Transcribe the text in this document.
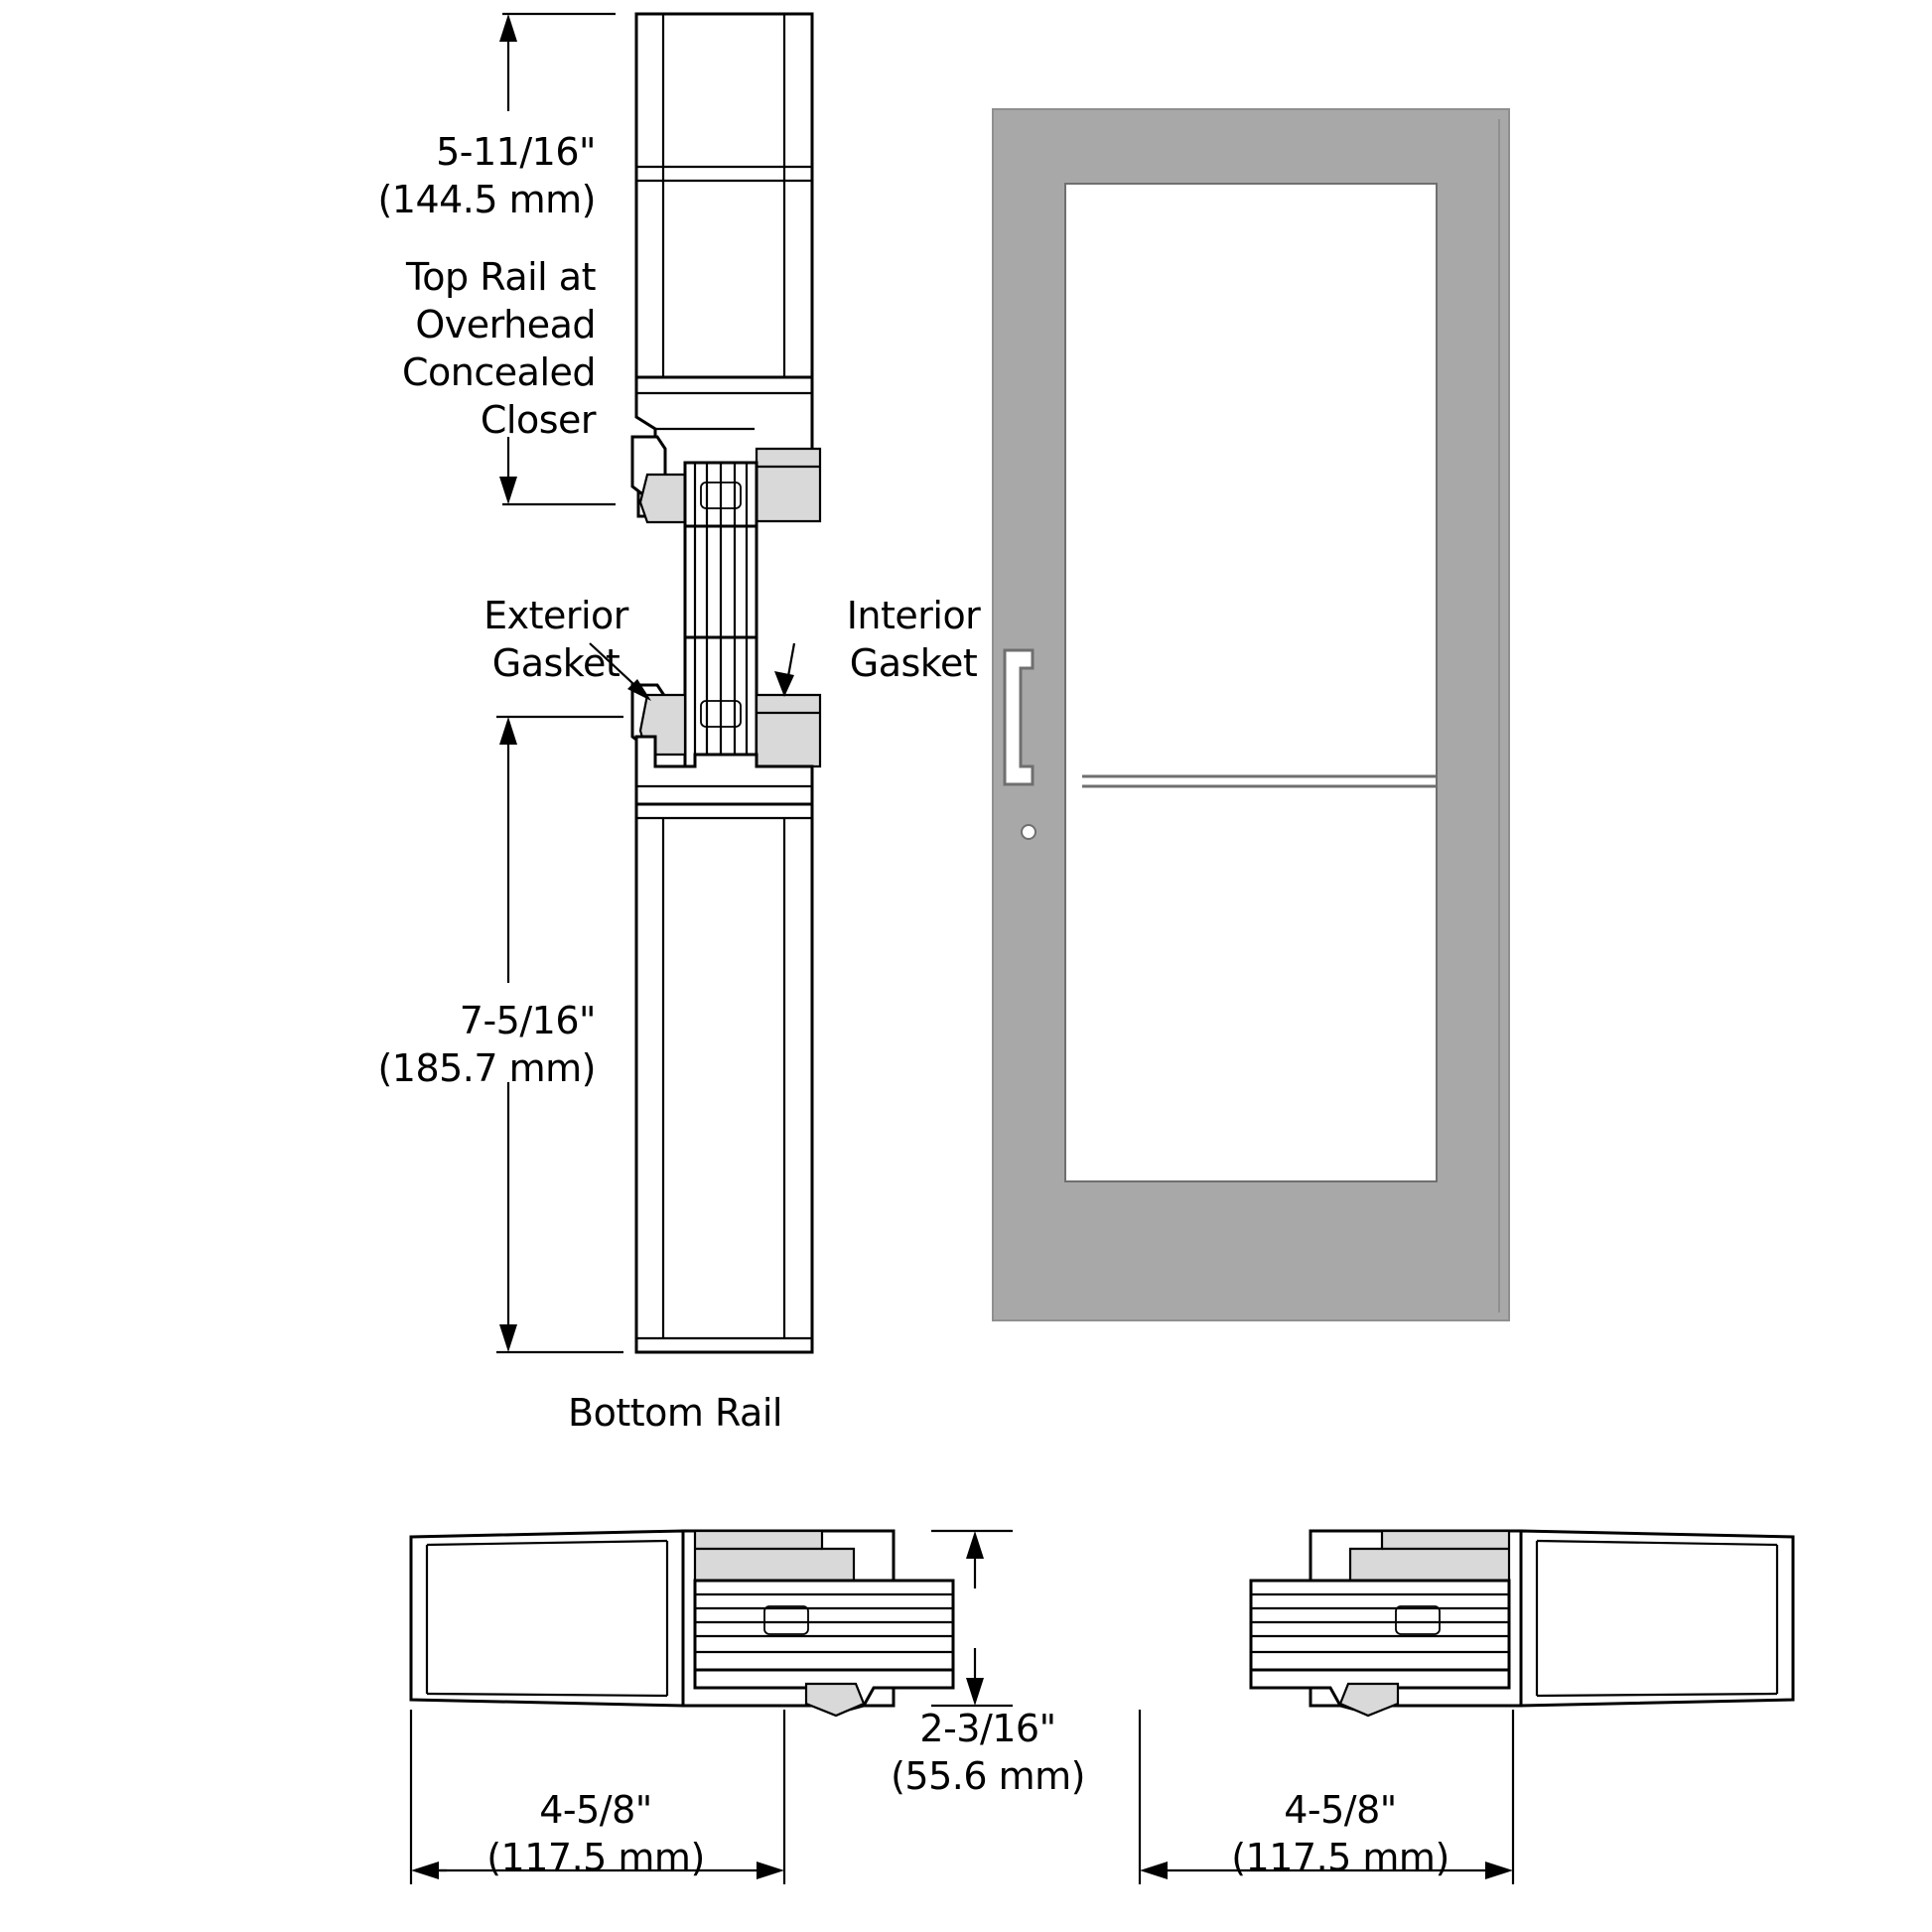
5-11/16"
(144.5 mm)
Top Rail at
Overhead
Concealed
Closer
Exterior
Gasket
Interior
Gasket
7-5/16"
(185.7 mm)
Bottom Rail
4-5/8"
(117.5 mm)
4-5/8"
(117.5 mm)
2-3/16"
(55.6 mm)
